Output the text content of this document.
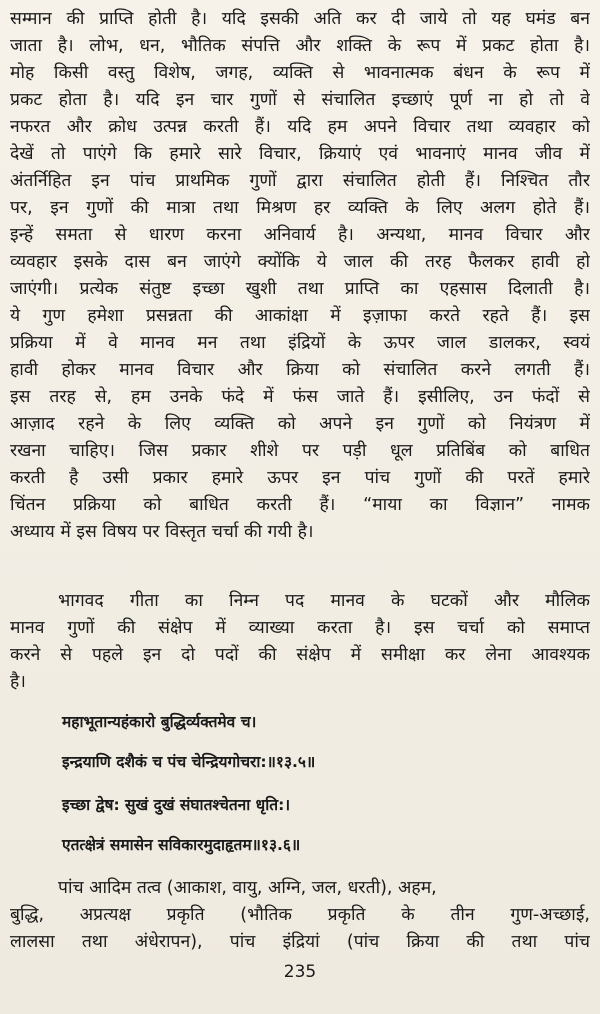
सम्मान की प्राप्ति होती है। यदि इसकी अति कर दी जाये तो यह घमंड बन
जाता है। लोभ, धन, भौतिक संपत्ति और शक्ति के रूप में प्रकट होता है।
मोह किसी वस्तु विशेष, जगह, व्यक्ति से भावनात्मक बंधन के रूप में
प्रकट होता है। यदि इन चार गुणों से संचालित इच्छाएं पूर्ण ना हो तो वे
नफरत और क्रोध उत्पन्न करती हैं। यदि हम अपने विचार तथा व्यवहार को
देखें तो पाएंगे कि हमारे सारे विचार, क्रियाएं एवं भावनाएं मानव जीव में
अंतर्निहित इन पांच प्राथमिक गुणों द्वारा संचालित होती हैं। निश्चित तौर
पर, इन गुणों की मात्रा तथा मिश्रण हर व्यक्ति के लिए अलग होते हैं।
इन्हें समता से धारण करना अनिवार्य है। अन्यथा, मानव विचार और
व्यवहार इसके दास बन जाएंगे क्योंकि ये जाल की तरह फैलकर हावी हो
जाएंगी। प्रत्येक संतुष्ट इच्छा खुशी तथा प्राप्ति का एहसास दिलाती है।
ये गुण हमेशा प्रसन्नता की आकांक्षा में इज़ाफा करते रहते हैं। इस
प्रक्रिया में वे मानव मन तथा इंद्रियों के ऊपर जाल डालकर, स्वयं
हावी होकर मानव विचार और क्रिया को संचालित करने लगती हैं।
इस तरह से, हम उनके फंदे में फंस जाते हैं। इसीलिए, उन फंदों से
आज़ाद रहने के लिए व्यक्ति को अपने इन गुणों को नियंत्रण में
रखना चाहिए। जिस प्रकार शीशे पर पड़ी धूल प्रतिबिंब को बाधित
करती है उसी प्रकार हमारे ऊपर इन पांच गुणों की परतें हमारे
चिंतन प्रक्रिया को बाधित करती हैं। “माया का विज्ञान” नामक
अध्याय में इस विषय पर विस्तृत चर्चा की गयी है।
भागवद गीता का निम्न पद मानव के घटकों और मौलिक
मानव गुणों की संक्षेप में व्याख्या करता है। इस चर्चा को समाप्त
करने से पहले इन दो पदों की संक्षेप में समीक्षा कर लेना आवश्यक
है।
महाभूतान्यहंकारो बुद्धिर्व्यक्तमेव च।
इन्द्रयाणि दशैकं च पंच चेन्द्रियगोचरा:॥१३.५॥
इच्छा द्वेष: सुखं दुखं संघातश्चेतना धृति:।
एतत्क्षेत्रं समासेन सविकारमुदाहृतम॥१३.६॥
पांच आदिम तत्व (आकाश, वायु, अग्नि, जल, धरती), अहम,
बुद्धि, अप्रत्यक्ष प्रकृति (भौतिक प्रकृति के तीन गुण-अच्छाई,
लालसा तथा अंधेरापन), पांच इंद्रियां (पांच क्रिया की तथा पांच
235
